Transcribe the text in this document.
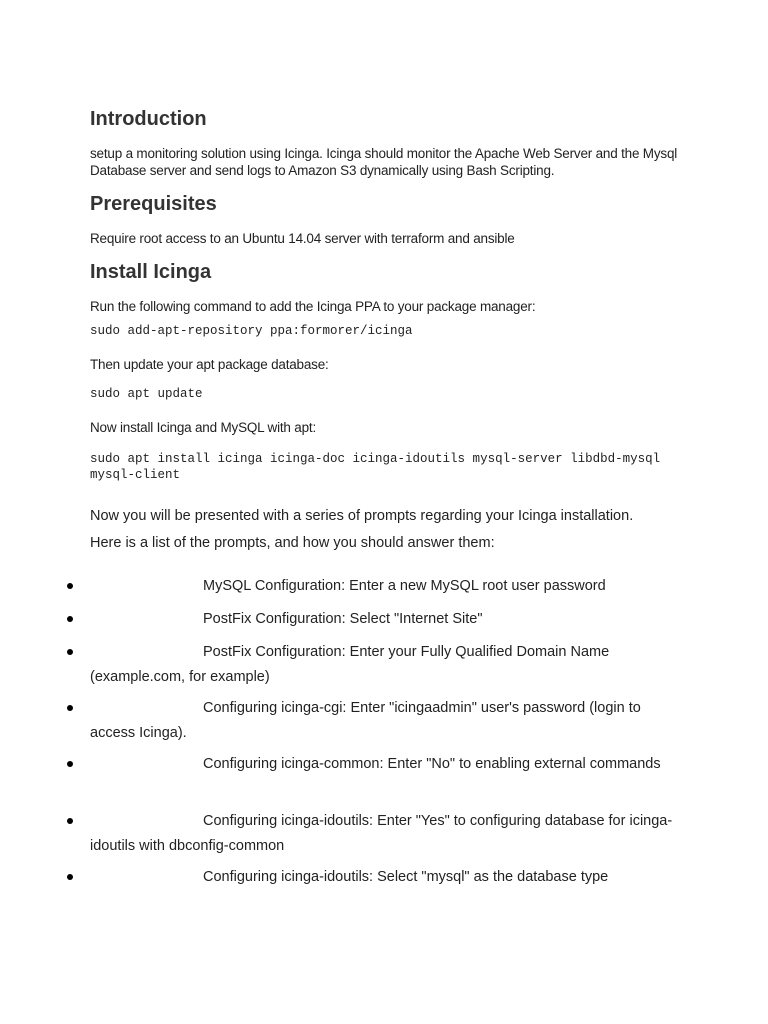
Introduction

setup a monitoring solution using Icinga. Icinga should monitor the Apache Web Server and the Mysql Database server and send logs to Amazon S3 dynamically using Bash Scripting.

Prerequisites

Require root access to an Ubuntu 14.04 server with terraform and ansible

Install Icinga

Run the following command to add the Icinga PPA to your package manager:

sudo add-apt-repository ppa:formorer/icinga

Then update your apt package database:

sudo apt update

Now install Icinga and MySQL with apt:

sudo apt install icinga icinga-doc icinga-idoutils mysql-server libdbd-mysql mysql-client

Now you will be presented with a series of prompts regarding your Icinga installation.

Here is a list of the prompts, and how you should answer them:

MySQL Configuration: Enter a new MySQL root user password
PostFix Configuration: Select "Internet Site"
PostFix Configuration: Enter your Fully Qualified Domain Name (example.com, for example)
Configuring icinga-cgi: Enter "icingaadmin" user's password (login to access Icinga).
Configuring icinga-common: Enter "No" to enabling external commands
Configuring icinga-idoutils: Enter "Yes" to configuring database for icinga-idoutils with dbconfig-common
Configuring icinga-idoutils: Select "mysql" as the database type
